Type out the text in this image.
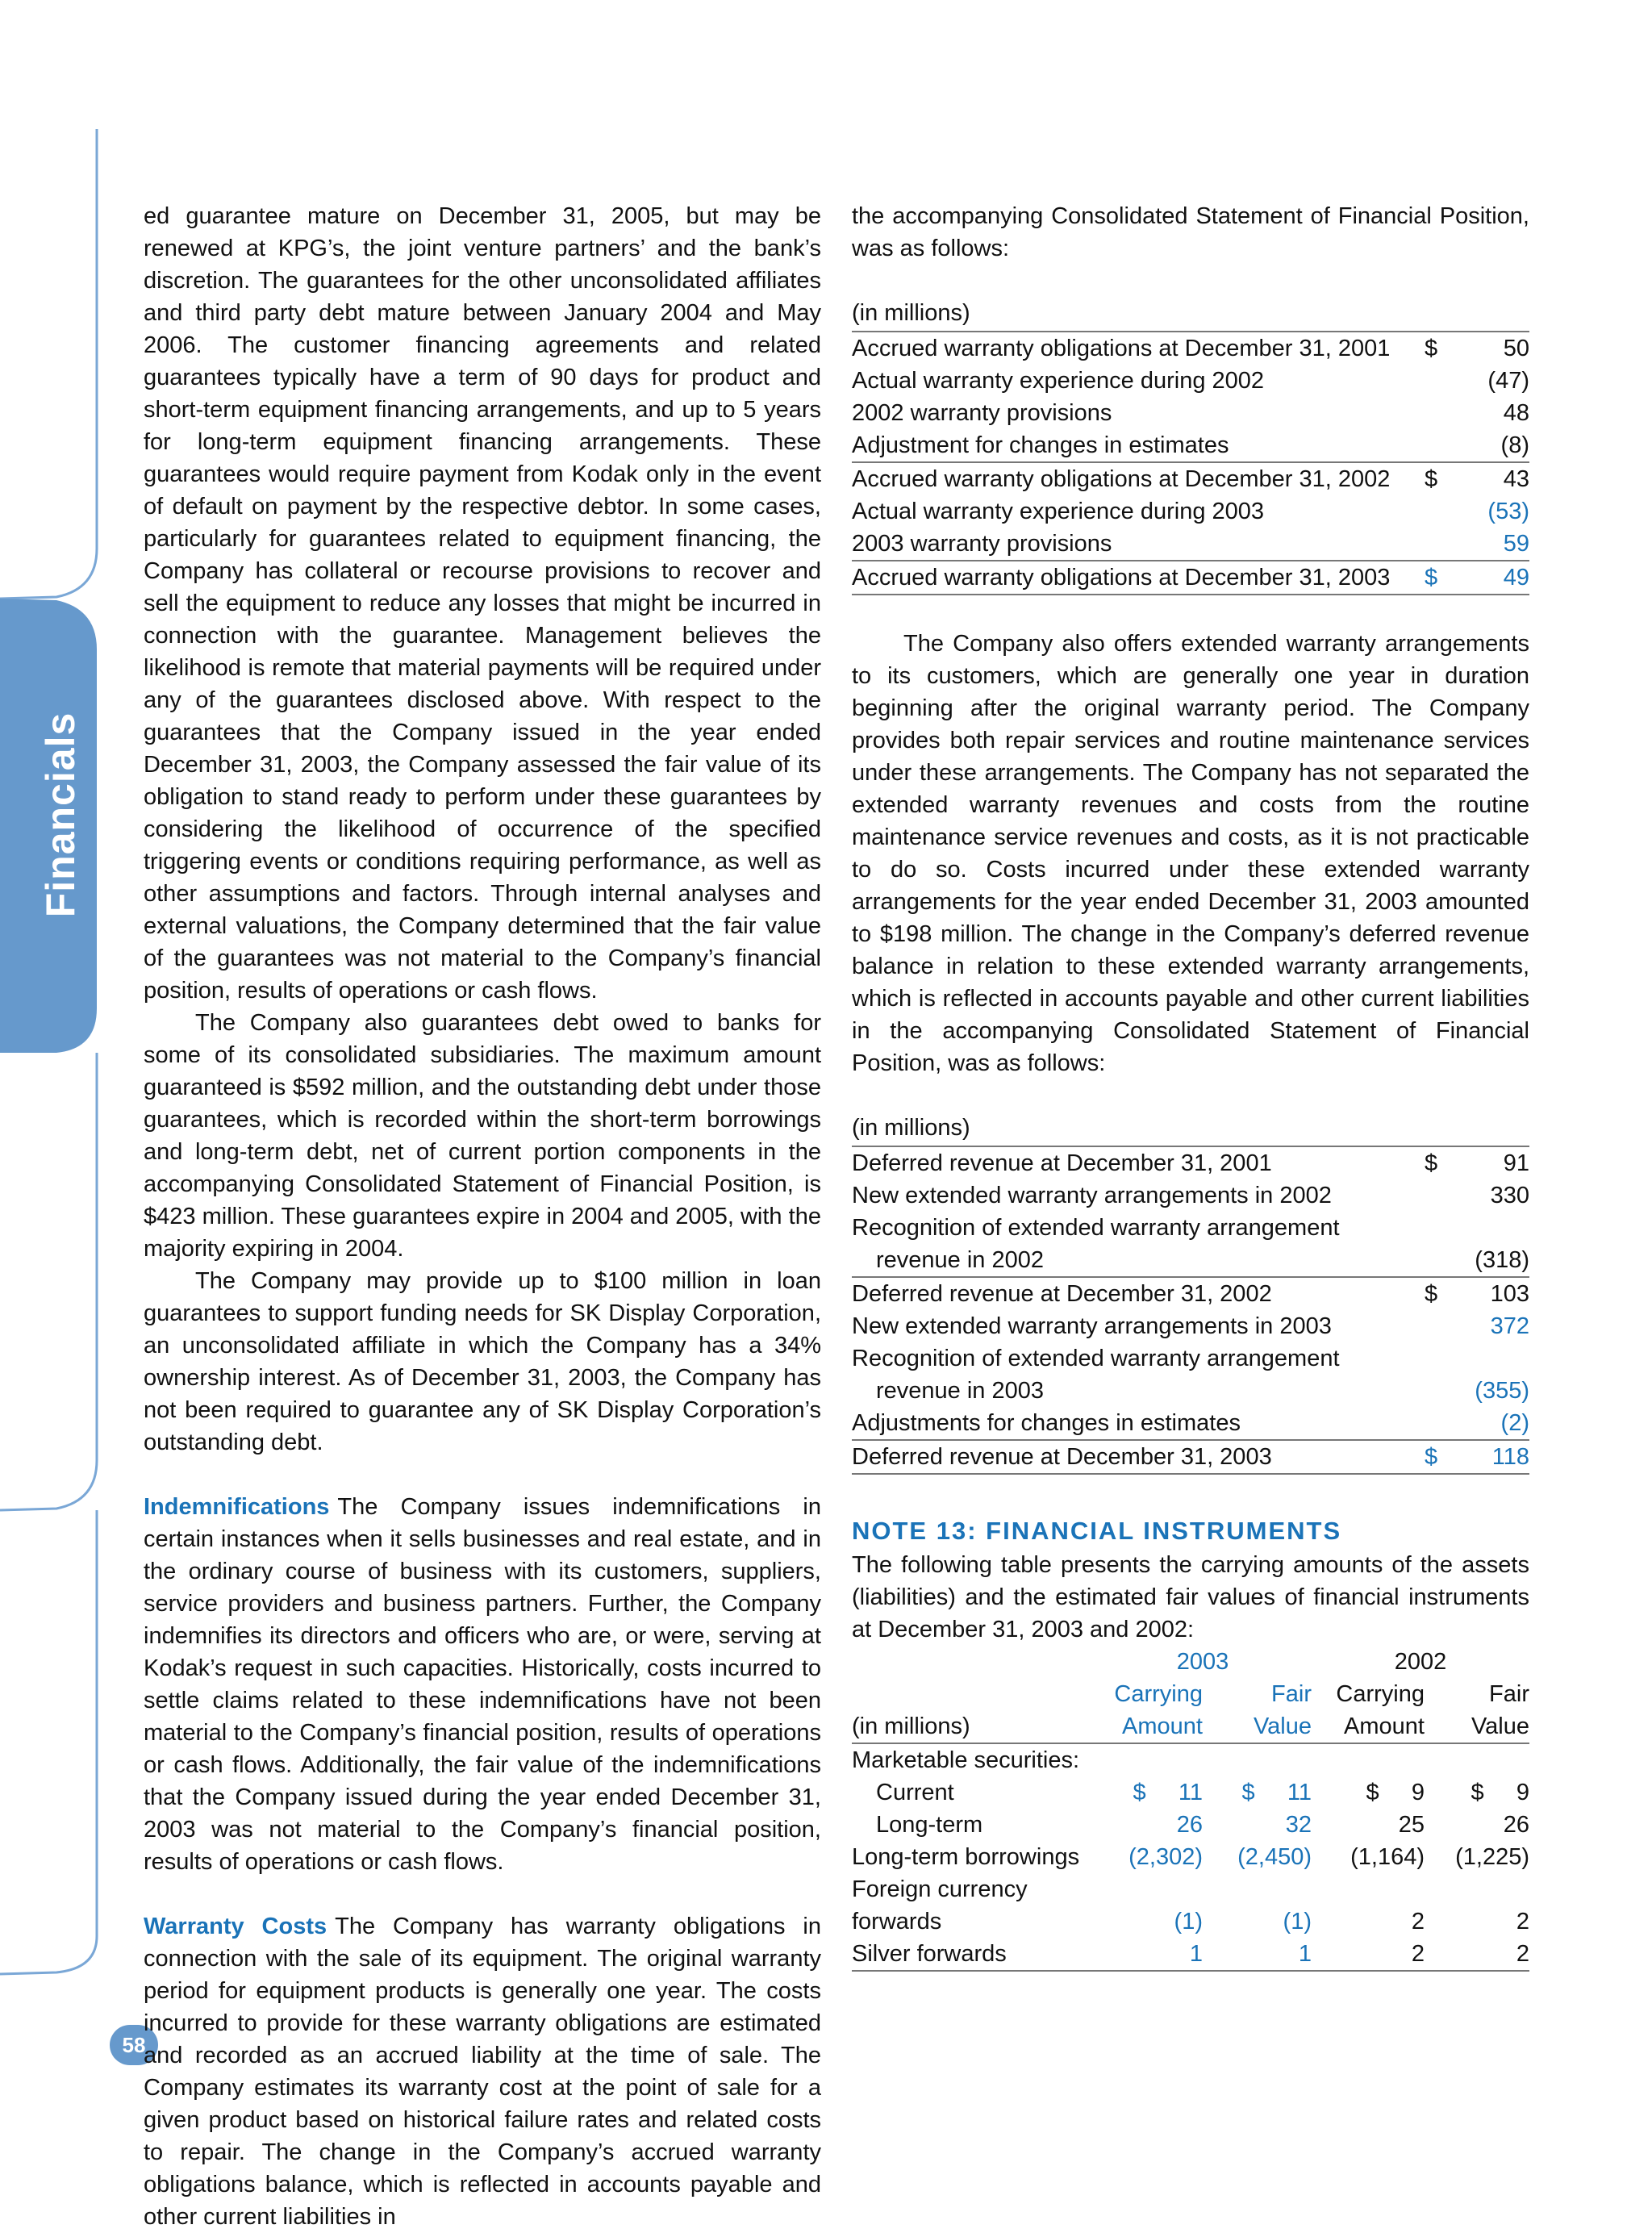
Financials
58

ed guarantee mature on December 31, 2005, but may be renewed at KPG’s, the joint venture partners’ and the bank’s discretion. The guarantees for the other unconsolidated affiliates and third party debt mature between January 2004 and May 2006. The customer financing agreements and related guarantees typically have a term of 90 days for product and short-term equipment financing arrangements, and up to 5 years for long-term equipment financing arrangements. These guarantees would require payment from Kodak only in the event of default on payment by the respective debtor. In some cases, particularly for guarantees related to equipment financing, the Company has collateral or recourse provisions to recover and sell the equipment to reduce any losses that might be incurred in connection with the guarantee. Management believes the likelihood is remote that material payments will be required under any of the guarantees disclosed above. With respect to the guarantees that the Company issued in the year ended December 31, 2003, the Company assessed the fair value of its obligation to stand ready to perform under these guarantees by considering the likelihood of occurrence of the specified triggering events or conditions requiring performance, as well as other assumptions and factors. Through internal analyses and external valuations, the Company determined that the fair value of the guarantees was not material to the Company’s financial position, results of operations or cash flows.

The Company also guarantees debt owed to banks for some of its consolidated subsidiaries. The maximum amount guaranteed is $592 million, and the outstanding debt under those guarantees, which is recorded within the short-term borrowings and long-term debt, net of current portion components in the accompanying Consolidated Statement of Financial Position, is $423 million. These guarantees expire in 2004 and 2005, with the majority expiring in 2004.

The Company may provide up to $100 million in loan guarantees to support funding needs for SK Display Corporation, an unconsolidated affiliate in which the Company has a 34% ownership interest. As of December 31, 2003, the Company has not been required to guarantee any of SK Display Corporation’s outstanding debt.

Indemnifications The Company issues indemnifications in certain instances when it sells businesses and real estate, and in the ordinary course of business with its customers, suppliers, service providers and business partners. Further, the Company indemnifies its directors and officers who are, or were, serving at Kodak’s request in such capacities. Historically, costs incurred to settle claims related to these indemnifications have not been material to the Company’s financial position, results of operations or cash flows. Additionally, the fair value of the indemnifications that the Company issued during the year ended December 31, 2003 was not material to the Company’s financial position, results of operations or cash flows.

Warranty Costs The Company has warranty obligations in connection with the sale of its equipment. The original warranty period for equipment products is generally one year. The costs incurred to provide for these warranty obligations are estimated and recorded as an accrued liability at the time of sale. The Company estimates its warranty cost at the point of sale for a given product based on historical failure rates and related costs to repair. The change in the Company’s accrued warranty obligations balance, which is reflected in accounts payable and other current liabilities in

the accompanying Consolidated Statement of Financial Position, was as follows:

(in millions)		
Accrued warranty obligations at December 31, 2001	$	50
Actual warranty experience during 2002		(47)
2002 warranty provisions		48
Adjustment for changes in estimates		(8)
Accrued warranty obligations at December 31, 2002	$	43
Actual warranty experience during 2003		(53)
2003 warranty provisions		59
Accrued warranty obligations at December 31, 2003	$	49

The Company also offers extended warranty arrangements to its customers, which are generally one year in duration beginning after the original warranty period. The Company provides both repair services and routine maintenance services under these arrangements. The Company has not separated the extended warranty revenues and costs from the routine maintenance service revenues and costs, as it is not practicable to do so. Costs incurred under these extended warranty arrangements for the year ended December 31, 2003 amounted to $198 million. The change in the Company’s deferred revenue balance in relation to these extended warranty arrangements, which is reflected in accounts payable and other current liabilities in the accompanying Consolidated Statement of Financial Position, was as follows:

(in millions)		
Deferred revenue at December 31, 2001	$	91
New extended warranty arrangements in 2002		330
Recognition of extended warranty arrangement		
revenue in 2002		(318)
Deferred revenue at December 31, 2002	$	103
New extended warranty arrangements in 2003		372
Recognition of extended warranty arrangement		
revenue in 2003		(355)
Adjustments for changes in estimates		(2)
Deferred revenue at December 31, 2003	$	118

NOTE 13: FINANCIAL INSTRUMENTS

The following table presents the carrying amounts of the assets (liabilities) and the estimated fair values of financial instruments at December 31, 2003 and 2002:

	2003		2002	
	Carrying	Fair	Carrying	Fair
(in millions)	Amount	Value	Amount	Value
Marketable securities:				
Current	$     11	$     11	$     9	$     9
Long-term	26	32	25	26
Long-term borrowings	(2,302)	(2,450)	(1,164)	(1,225)
Foreign currency forwards	(1)	(1)	2	2
Silver forwards	1	1	2	2
